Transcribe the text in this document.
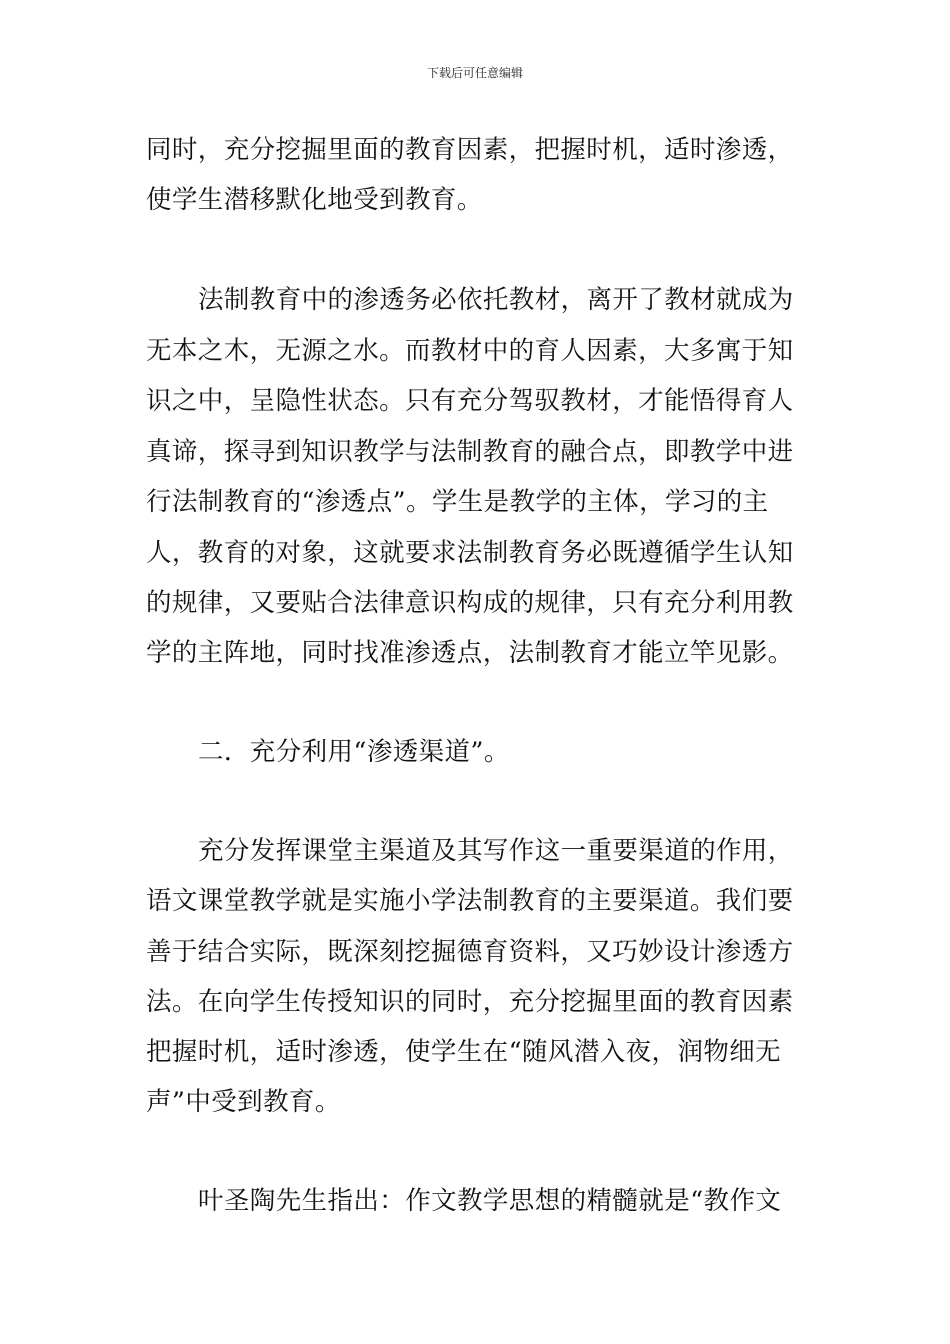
下载后可任意编辑
同时，充分挖掘里面的教育因素，把握时机，适时渗透，
使学生潜移默化地受到教育。
法制教育中的渗透务必依托教材，离开了教材就成为
无本之木，无源之水。而教材中的育人因素，大多寓于知
识之中，呈隐性状态。只有充分驾驭教材，才能悟得育人
真谛，探寻到知识教学与法制教育的融合点，即教学中进
行法制教育的“渗透点”。学生是教学的主体，学习的主
人，教育的对象，这就要求法制教育务必既遵循学生认知
的规律，又要贴合法律意识构成的规律，只有充分利用教
学的主阵地，同时找准渗透点，法制教育才能立竿见影。
二．充分利用“渗透渠道”。
充分发挥课堂主渠道及其写作这一重要渠道的作用，
语文课堂教学就是实施小学法制教育的主要渠道。我们要
善于结合实际，既深刻挖掘德育资料，又巧妙设计渗透方
法。在向学生传授知识的同时，充分挖掘里面的教育因素
把握时机，适时渗透，使学生在“随风潜入夜，润物细无
声”中受到教育。
叶圣陶先生指出：作文教学思想的精髓就是“教作文
